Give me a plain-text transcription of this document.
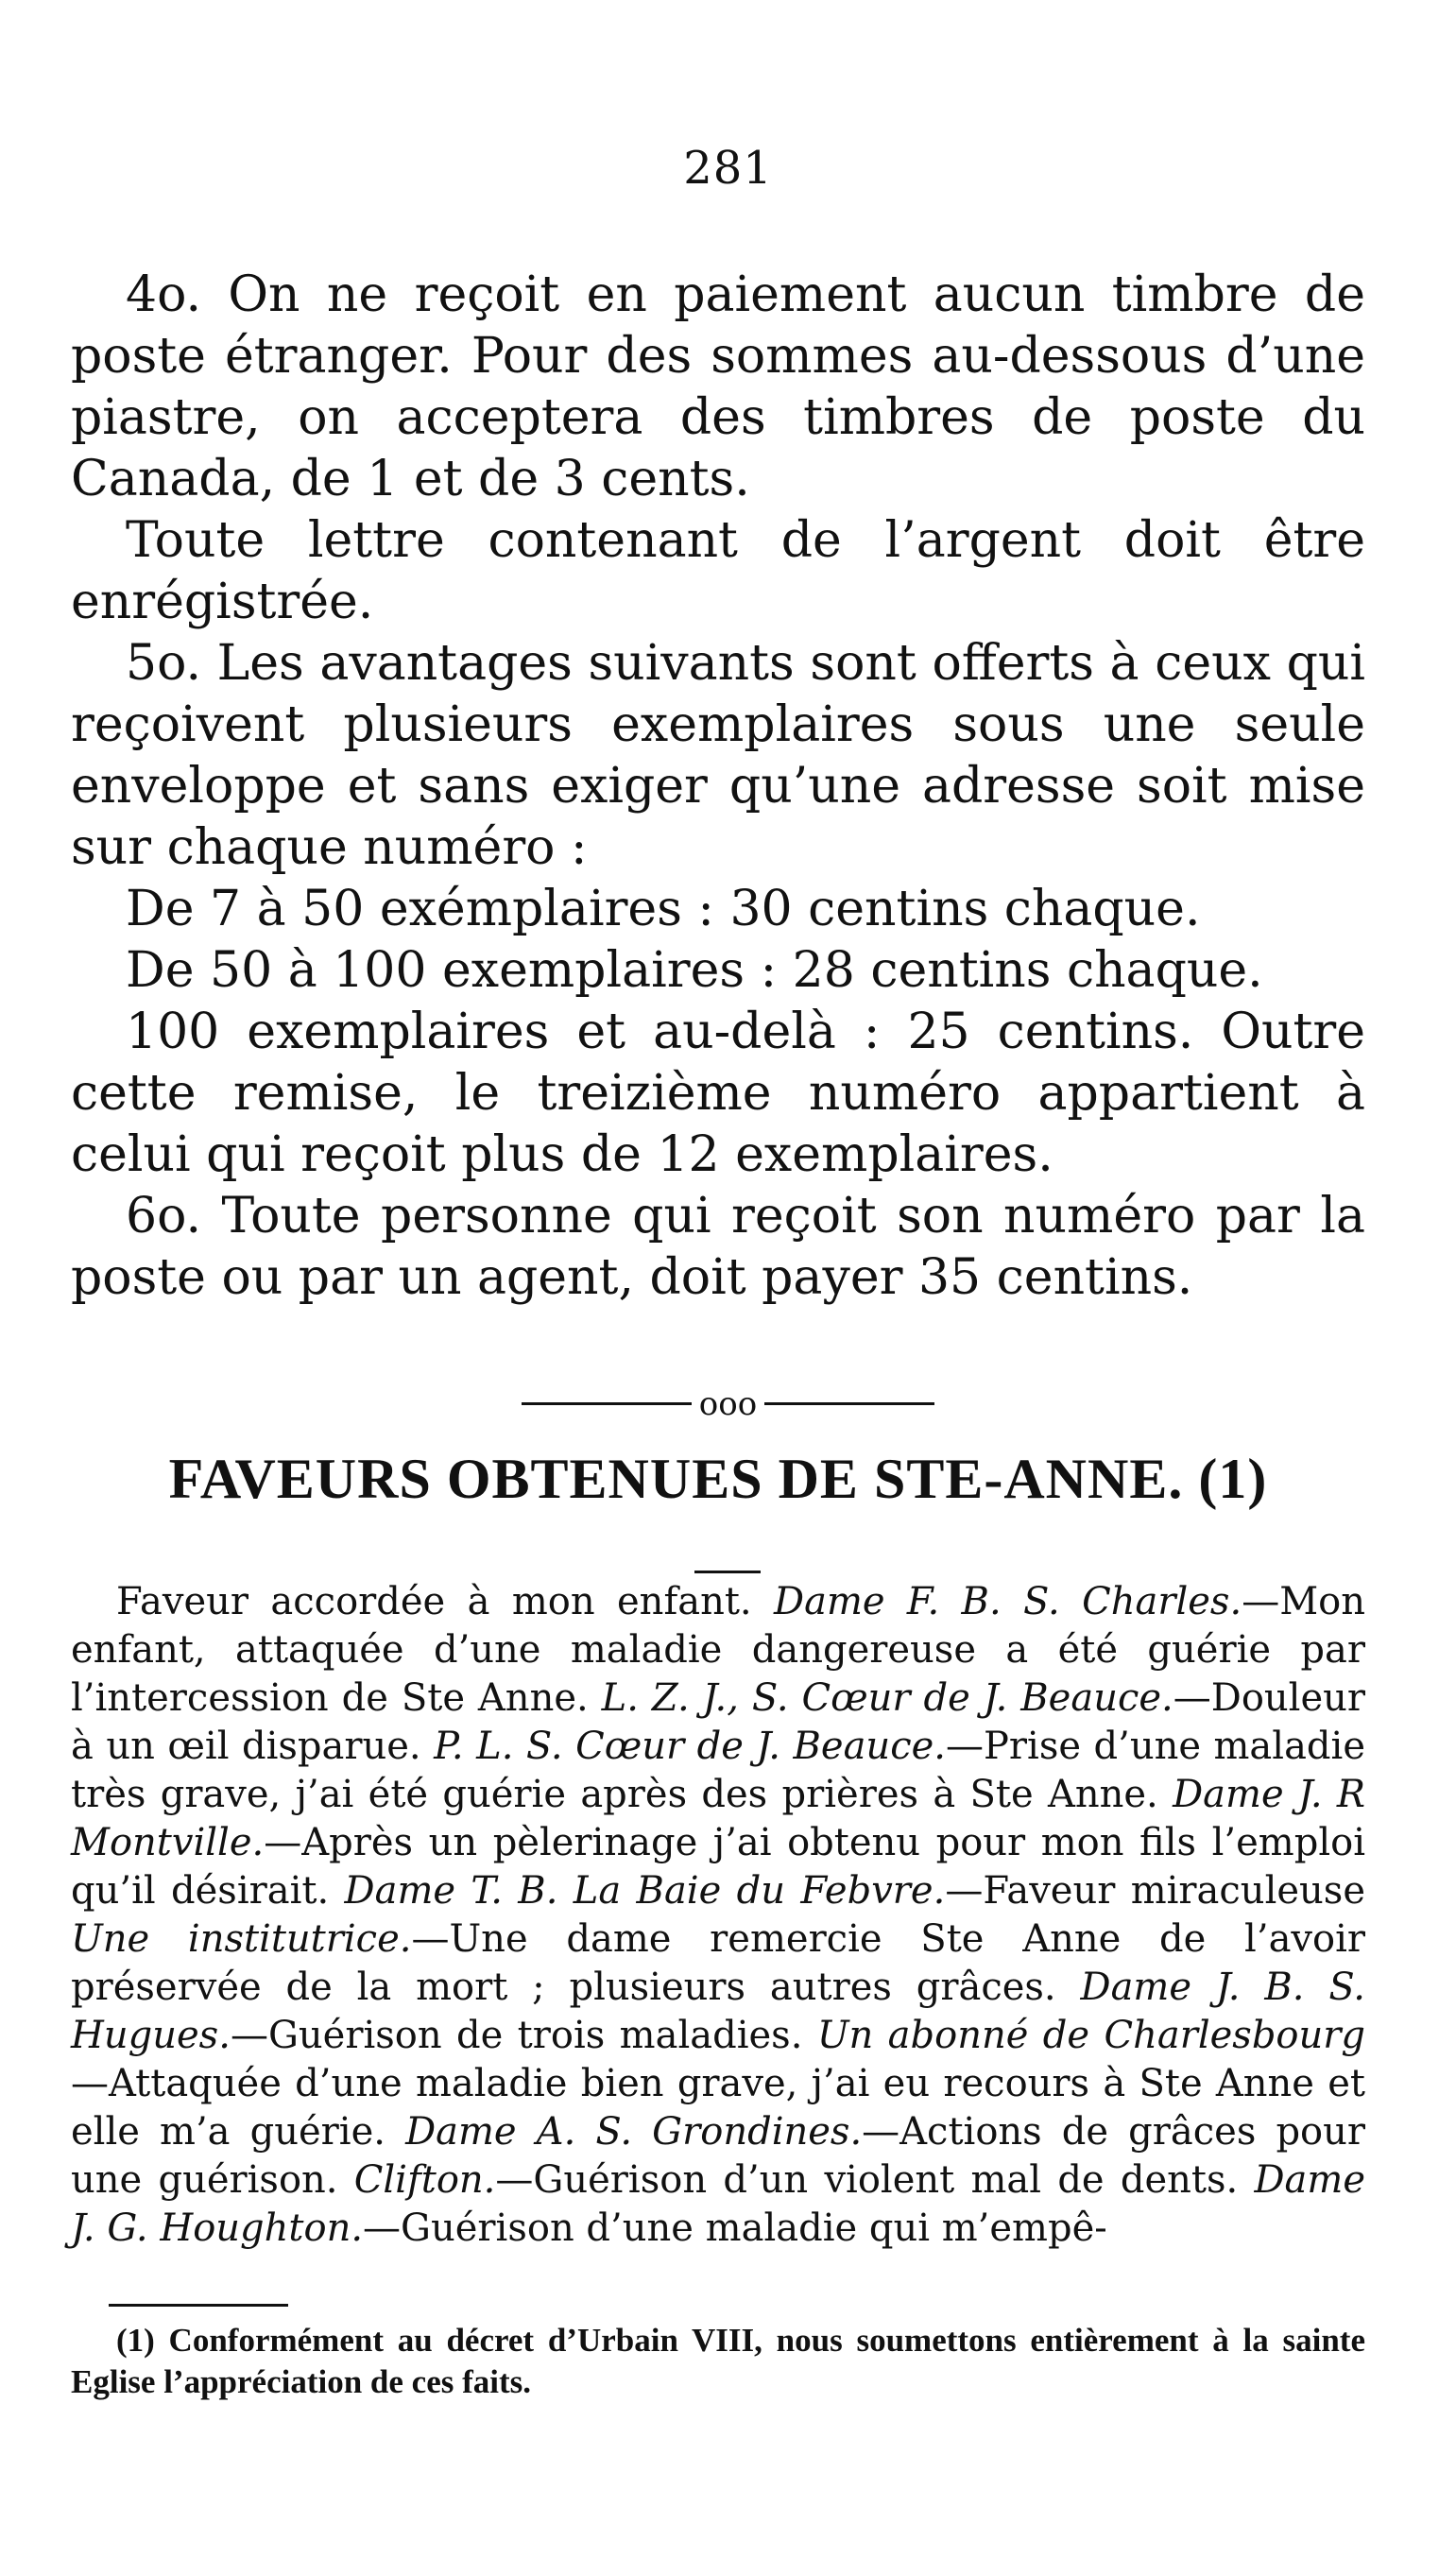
281

4o. On ne reçoit en paiement aucun timbre de poste étranger. Pour des sommes au-dessous d’une piastre, on acceptera des timbres de poste du Canada, de 1 et de 3 cents.

Toute lettre contenant de l’argent doit être enrégistrée.

5o. Les avantages suivants sont offerts à ceux qui reçoivent plusieurs exemplaires sous une seule enveloppe et sans exiger qu’une adresse soit mise sur chaque numéro :

De 7 à 50 exémplaires : 30 centins chaque.

De 50 à 100 exemplaires : 28 centins chaque.

100 exemplaires et au-delà : 25 centins. Outre cette remise, le treizième numéro appartient à celui qui reçoit plus de 12 exemplaires.

6o. Toute personne qui reçoit son numéro par la poste ou par un agent, doit payer 35 centins.

ooo
FAVEURS OBTENUES DE STE-ANNE. (1)

Faveur accordée à mon enfant. Dame F. B. S. Charles.—Mon enfant, attaquée d’une maladie dangereuse a été guérie par l’intercession de Ste Anne. L. Z. J., S. Cœur de J. Beauce.—Douleur à un œil disparue. P. L. S. Cœur de J. Beauce.—Prise d’une maladie très grave, j’ai été guérie après des prières à Ste Anne. Dame J. R Montville.—Après un pèlerinage j’ai obtenu pour mon fils l’emploi qu’il désirait. Dame T. B. La Baie du Febvre.—Faveur miraculeuse Une institutrice.—Une dame remercie Ste Anne de l’avoir préservée de la mort ; plusieurs autres grâces. Dame J. B. S. Hugues.—Guérison de trois maladies. Un abonné de Charlesbourg —Attaquée d’une maladie bien grave, j’ai eu recours à Ste Anne et elle m’a guérie. Dame A. S. Grondines.—Actions de grâces pour une guérison. Clifton.—Guérison d’un violent mal de dents. Dame J. G. Houghton.—Guérison d’une maladie qui m’empê-

(1) Conformément au décret d’Urbain VIII, nous soumettons entièrement à la sainte Eglise l’appréciation de ces faits.
